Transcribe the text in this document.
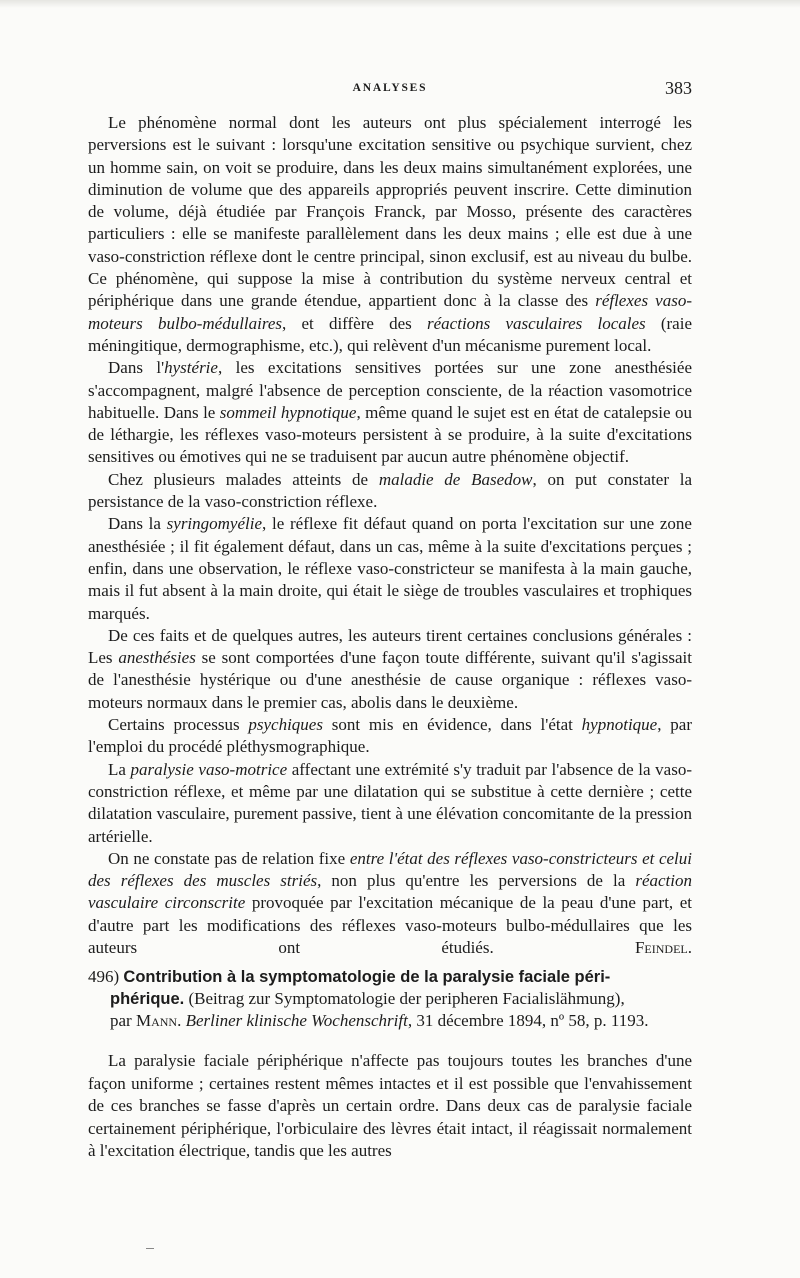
ANALYSES	383

Le phénomène normal dont les auteurs ont plus spécialement interrogé les perversions est le suivant : lorsqu'une excitation sensitive ou psychique survient, chez un homme sain, on voit se produire, dans les deux mains simultanément explorées, une diminution de volume que des appareils appropriés peuvent inscrire. Cette diminution de volume, déjà étudiée par François Franck, par Mosso, présente des caractères particuliers : elle se manifeste parallèlement dans les deux mains ; elle est due à une vaso-constriction réflexe dont le centre principal, sinon exclusif, est au niveau du bulbe. Ce phénomène, qui suppose la mise à contribution du système nerveux central et périphérique dans une grande étendue, appartient donc à la classe des réflexes vaso-moteurs bulbo-médullaires, et diffère des réactions vasculaires locales (raie méningitique, dermographisme, etc.), qui relèvent d'un mécanisme purement local.

Dans l'hystérie, les excitations sensitives portées sur une zone anesthésiée s'accompagnent, malgré l'absence de perception consciente, de la réaction vasomotrice habituelle. Dans le sommeil hypnotique, même quand le sujet est en état de catalepsie ou de léthargie, les réflexes vaso-moteurs persistent à se produire, à la suite d'excitations sensitives ou émotives qui ne se traduisent par aucun autre phénomène objectif.

Chez plusieurs malades atteints de maladie de Basedow, on put constater la persistance de la vaso-constriction réflexe.

Dans la syringomyélie, le réflexe fit défaut quand on porta l'excitation sur une zone anesthésiée ; il fit également défaut, dans un cas, même à la suite d'excitations perçues ; enfin, dans une observation, le réflexe vaso-constricteur se manifesta à la main gauche, mais il fut absent à la main droite, qui était le siège de troubles vasculaires et trophiques marqués.

De ces faits et de quelques autres, les auteurs tirent certaines conclusions générales : Les anesthésies se sont comportées d'une façon toute différente, suivant qu'il s'agissait de l'anesthésie hystérique ou d'une anesthésie de cause organique : réflexes vaso-moteurs normaux dans le premier cas, abolis dans le deuxième.

Certains processus psychiques sont mis en évidence, dans l'état hypnotique, par l'emploi du procédé pléthysmographique.

La paralysie vaso-motrice affectant une extrémité s'y traduit par l'absence de la vaso-constriction réflexe, et même par une dilatation qui se substitue à cette dernière ; cette dilatation vasculaire, purement passive, tient à une élévation concomitante de la pression artérielle.

On ne constate pas de relation fixe entre l'état des réflexes vaso-constricteurs et celui des réflexes des muscles striés, non plus qu'entre les perversions de la réaction vasculaire circonscrite provoquée par l'excitation mécanique de la peau d'une part, et d'autre part les modifications des réflexes vaso-moteurs bulbo-médullaires que les auteurs ont étudiés.	Feindel.

496) Contribution à la symptomatologie de la paralysie faciale péri-
phérique. (Beitrag zur Symptomatologie der peripheren Facialislähmung),
par Mann. Berliner klinische Wochenschrift, 31 décembre 1894, nº 58, p. 1193.

La paralysie faciale périphérique n'affecte pas toujours toutes les branches d'une façon uniforme ; certaines restent mêmes intactes et il est possible que l'envahissement de ces branches se fasse d'après un certain ordre. Dans deux cas de paralysie faciale certainement périphérique, l'orbiculaire des lèvres était intact, il réagissait normalement à l'excitation électrique, tandis que les autres
